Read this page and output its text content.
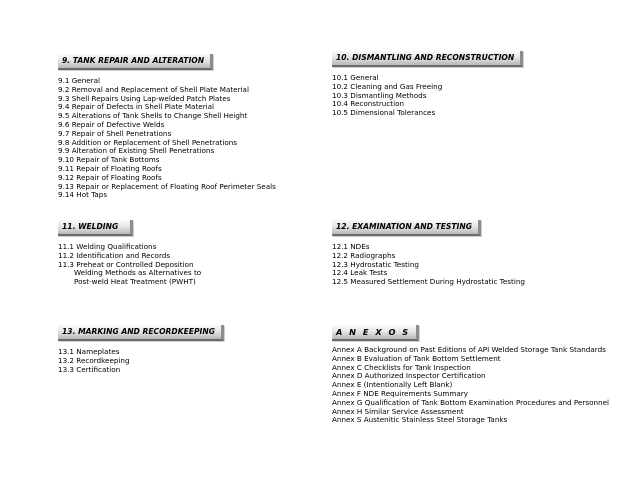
9. TANK REPAIR AND ALTERATION
9.1 General
9.2 Removal and Replacement of Shell Plate Material
9.3 Shell Repairs Using Lap-welded Patch Plates
9.4 Repair of Defects in Shell Plate Material
9.5 Alterations of Tank Shells to Change Shell Height
9.6 Repair of Defective Welds
9.7 Repair of Shell Penetrations
9.8 Addition or Replacement of Shell Penetrations
9.9 Alteration of Existing Shell Penetrations
9.10 Repair of Tank Bottoms
9.11 Repair of Floating Roofs
9.12 Repair of Floating Roofs
9.13 Repair or Replacement of Floating Roof Perimeter Seals
9.14 Hot Taps
10. DISMANTLING AND RECONSTRUCTION
10.1 General
10.2 Cleaning and Gas Freeing
10.3 Dismantling Methods
10.4 Reconstruction
10.5 Dimensional Tolerances
11. WELDING
11.1 Welding Qualifications
11.2 Identification and Records
11.3 Preheat or Controlled Deposition
Welding Methods as Alternatives to
Post-weld Heat Treatment (PWHT)
12. EXAMINATION AND TESTING
12.1 NDEs
12.2 Radiographs
12.3 Hydrostatic Testing
12.4 Leak Tests
12.5 Measured Settlement During Hydrostatic Testing
13. MARKING AND RECORDKEEPING
13.1 Nameplates
13.2 Recordkeeping
13.3 Certification
A N E X O S
Annex A Background on Past Editions of API Welded Storage Tank Standards
Annex B Evaluation of Tank Bottom Settlement
Annex C Checklists for Tank Inspection
Annex D Authorized Inspector Certification
Annex E (Intentionally Left Blank)
Annex F NDE Requirements Summary
Annex G Qualification of Tank Bottom Examination Procedures and Personnel
Annex H Similar Service Assessment
Annex S Austenitic Stainless Steel Storage Tanks
